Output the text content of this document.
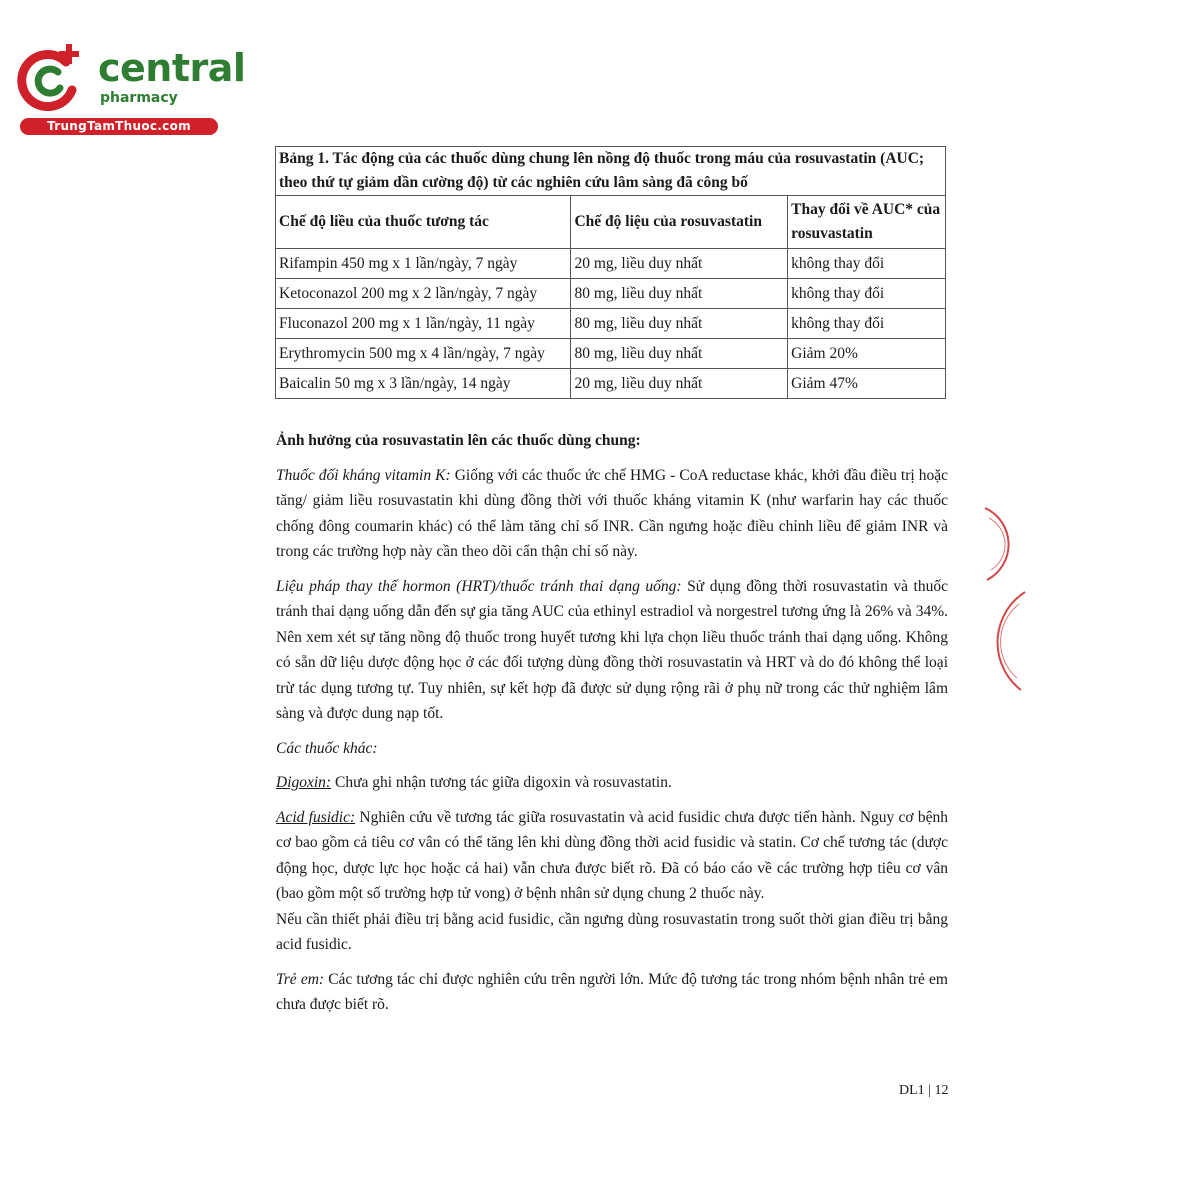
central
pharmacy
TrungTamThuoc.com
Bảng 1. Tác động của các thuốc dùng chung lên nồng độ thuốc trong máu của rosuvastatin (AUC; theo thứ tự giảm dần cường độ) từ các nghiên cứu lâm sàng đã công bố		
Chế độ liều của thuốc tương tác	Chế độ liệu của rosuvastatin	Thay đổi về AUC* của rosuvastatin
Rifampin 450 mg x 1 lần/ngày, 7 ngày	20 mg, liều duy nhất	không thay đổi
Ketoconazol 200 mg x 2 lần/ngày, 7 ngày	80 mg, liều duy nhất	không thay đổi
Fluconazol 200 mg x 1 lần/ngày, 11 ngày	80 mg, liều duy nhất	không thay đổi
Erythromycin 500 mg x 4 lần/ngày, 7 ngày	80 mg, liều duy nhất	Giảm 20%
Baicalin 50 mg x 3 lần/ngày, 14 ngày	20 mg, liều duy nhất	Giảm 47%
Ảnh hưởng của rosuvastatin lên các thuốc dùng chung:

Thuốc đối kháng vitamin K: Giống với các thuốc ức chế HMG - CoA reductase khác, khởi đầu điều trị hoặc tăng/ giảm liều rosuvastatin khi dùng đồng thời với thuốc kháng vitamin K (như warfarin hay các thuốc chống đông coumarin khác) có thể làm tăng chỉ số INR. Cần ngưng hoặc điều chỉnh liều để giảm INR và trong các trường hợp này cần theo dõi cẩn thận chỉ số này.

Liệu pháp thay thế hormon (HRT)/thuốc tránh thai dạng uống: Sử dụng đồng thời rosuvastatin và thuốc tránh thai dạng uống dẫn đến sự gia tăng AUC của ethinyl estradiol và norgestrel tương ứng là 26% và 34%. Nên xem xét sự tăng nồng độ thuốc trong huyết tương khi lựa chọn liều thuốc tránh thai dạng uống. Không có sẵn dữ liệu dược động học ở các đối tượng dùng đồng thời rosuvastatin và HRT và do đó không thể loại trừ tác dụng tương tự. Tuy nhiên, sự kết hợp đã được sử dụng rộng rãi ở phụ nữ trong các thử nghiệm lâm sàng và được dung nạp tốt.

Các thuốc khác:

Digoxin: Chưa ghi nhận tương tác giữa digoxin và rosuvastatin.

Acid fusidic: Nghiên cứu về tương tác giữa rosuvastatin và acid fusidic chưa được tiến hành. Nguy cơ bệnh cơ bao gồm cả tiêu cơ vân có thể tăng lên khi dùng đồng thời acid fusidic và statin. Cơ chế tương tác (dược động học, dược lực học hoặc cả hai) vẫn chưa được biết rõ. Đã có báo cáo về các trường hợp tiêu cơ vân (bao gồm một số trường hợp tử vong) ở bệnh nhân sử dụng chung 2 thuốc này.

Nếu cần thiết phải điều trị bằng acid fusidic, cần ngưng dùng rosuvastatin trong suốt thời gian điều trị bằng acid fusidic.

Trẻ em: Các tương tác chỉ được nghiên cứu trên người lớn. Mức độ tương tác trong nhóm bệnh nhân trẻ em chưa được biết rõ.

DL1 | 12
